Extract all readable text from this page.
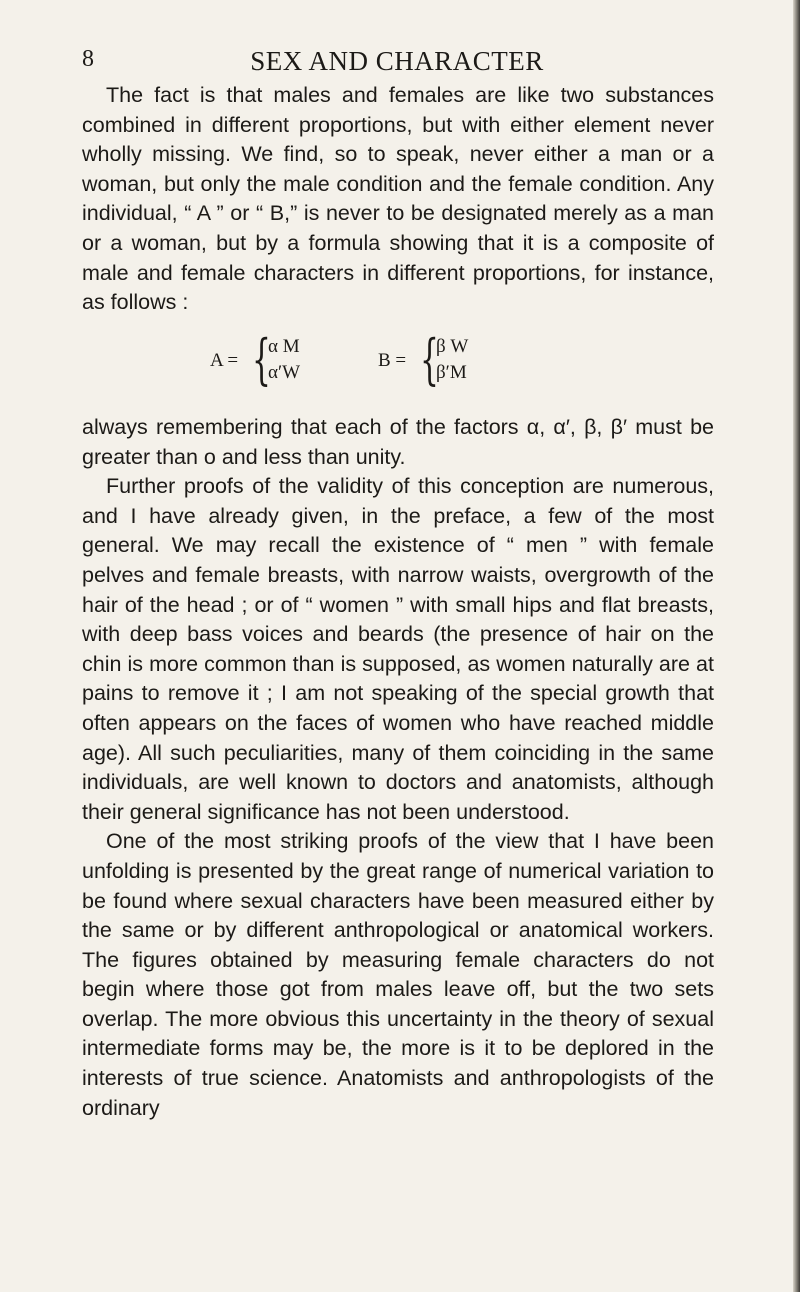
8	SEX AND CHARACTER

The fact is that males and females are like two substances combined in different proportions, but with either element never wholly missing. We find, so to speak, never either a man or a woman, but only the male condition and the female condition. Any individual, “ A ” or “ B,” is never to be designated merely as a man or a woman, but by a formula showing that it is a composite of male and female characters in different proportions, for instance, as follows :

A = {
α M
α′W
B = {
β W
β′M

always remembering that each of the factors α, α′, β, β′ must be greater than o and less than unity.

Further proofs of the validity of this conception are numerous, and I have already given, in the preface, a few of the most general. We may recall the existence of “ men ” with female pelves and female breasts, with narrow waists, overgrowth of the hair of the head ; or of “ women ” with small hips and flat breasts, with deep bass voices and beards (the presence of hair on the chin is more common than is supposed, as women naturally are at pains to remove it ; I am not speaking of the special growth that often appears on the faces of women who have reached middle age). All such peculiarities, many of them coinciding in the same individuals, are well known to doctors and anatomists, although their general significance has not been understood.

One of the most striking proofs of the view that I have been unfolding is presented by the great range of numerical variation to be found where sexual characters have been measured either by the same or by different anthropological or anatomical workers. The figures obtained by measuring female characters do not begin where those got from males leave off, but the two sets overlap. The more obvious this uncertainty in the theory of sexual intermediate forms may be, the more is it to be deplored in the interests of true science. Anatomists and anthropologists of the ordinary
